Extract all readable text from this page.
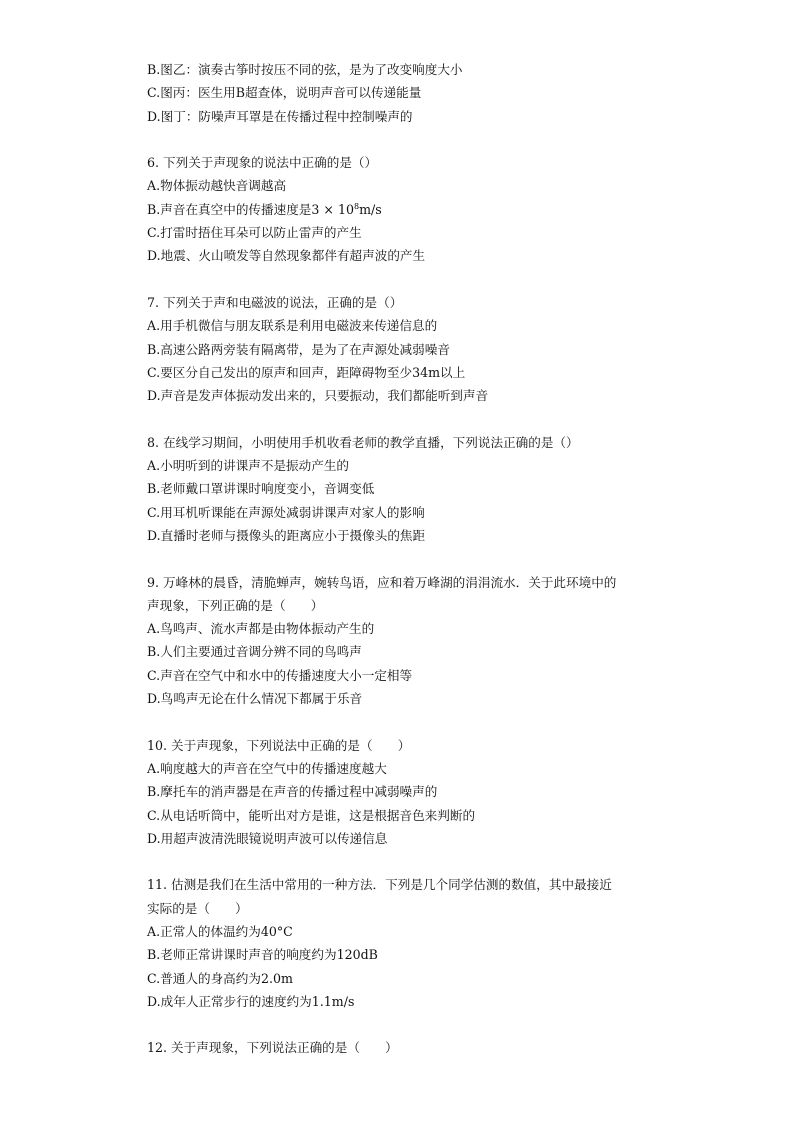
B.图乙：演奏古筝时按压不同的弦，是为了改变响度大小
C.图丙：医生用B超查体，说明声音可以传递能量
D.图丁：防噪声耳罩是在传播过程中控制噪声的
6. 下列关于声现象的说法中正确的是（）
A.物体振动越快音调越高
B.声音在真空中的传播速度是$3 \times 10^8m/s$
C.打雷时捂住耳朵可以防止雷声的产生
D.地震、火山喷发等自然现象都伴有超声波的产生
7. 下列关于声和电磁波的说法，正确的是（）
A.用手机微信与朋友联系是利用电磁波来传递信息的
B.高速公路两旁装有隔离带，是为了在声源处减弱噪音
C.要区分自己发出的原声和回声，距障碍物至少34m以上
D.声音是发声体振动发出来的，只要振动，我们都能听到声音
8. 在线学习期间，小明使用手机收看老师的教学直播，下列说法正确的是（）
A.小明听到的讲课声不是振动产生的
B.老师戴口罩讲课时响度变小，音调变低
C.用耳机听课能在声源处减弱讲课声对家人的影响
D.直播时老师与摄像头的距离应小于摄像头的焦距
9. 万峰林的晨昏，清脆蝉声，婉转鸟语，应和着万峰湖的涓涓流水．关于此环境中的
声现象，下列正确的是（　　）
A.鸟鸣声、流水声都是由物体振动产生的
B.人们主要通过音调分辨不同的鸟鸣声
C.声音在空气中和水中的传播速度大小一定相等
D.鸟鸣声无论在什么情况下都属于乐音
10. 关于声现象，下列说法中正确的是（　　）
A.响度越大的声音在空气中的传播速度越大
B.摩托车的消声器是在声音的传播过程中减弱噪声的
C.从电话听筒中，能听出对方是谁，这是根据音色来判断的
D.用超声波清洗眼镜说明声波可以传递信息
11. 估测是我们在生活中常用的一种方法．下列是几个同学估测的数值，其中最接近
实际的是（　　）
A.正常人的体温约为40°C
B.老师正常讲课时声音的响度约为120dB
C.普通人的身高约为2.0m
D.成年人正常步行的速度约为1.1m/s
12. 关于声现象，下列说法正确的是（　　）
